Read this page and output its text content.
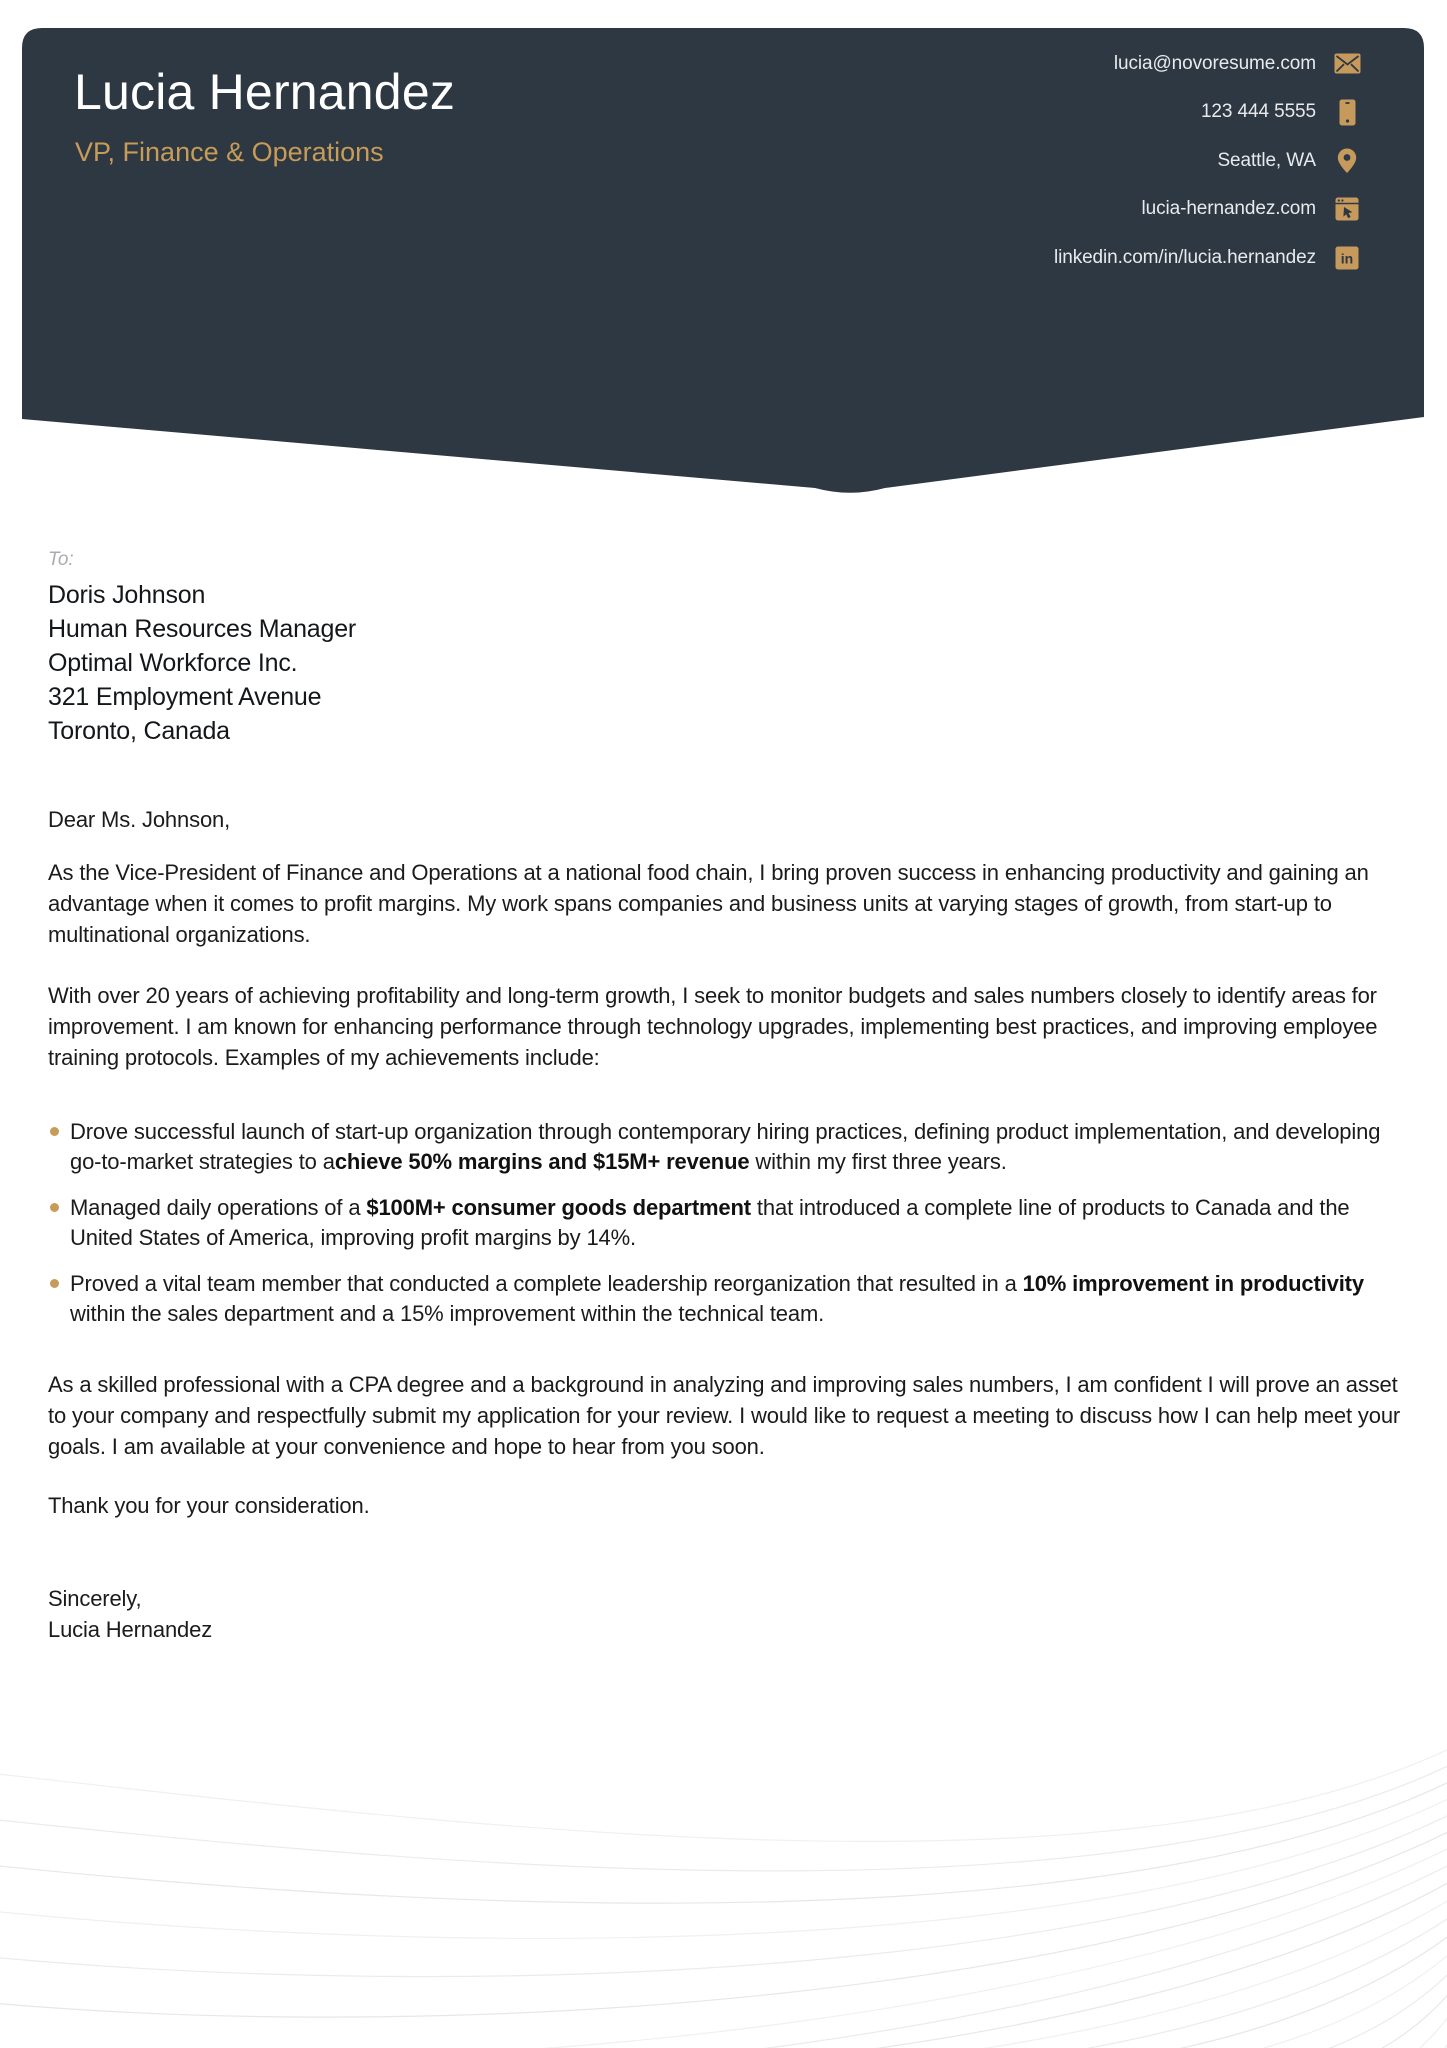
Lucia Hernandez
VP, Finance & Operations
lucia@novoresume.com
123 444 5555
Seattle, WA
lucia-hernandez.com
linkedin.com/in/lucia.hernandez in
To:
Doris Johnson
Human Resources Manager
Optimal Workforce Inc.
321 Employment Avenue
Toronto, Canada
Dear Ms. Johnson,

As the Vice-President of Finance and Operations at a national food chain, I bring proven success in enhancing productivity and gaining an advantage when it comes to profit margins. My work spans companies and business units at varying stages of growth, from start-up to multinational organizations.

With over 20 years of achieving profitability and long-term growth, I seek to monitor budgets and sales numbers closely to identify areas for improvement. I am known for enhancing performance through technology upgrades, implementing best practices, and improving employee training protocols. Examples of my achievements include:

Drove successful launch of start-up organization through contemporary hiring practices, defining product implementation, and developing go-to-market strategies to achieve 50% margins and $15M+ revenue within my first three years.
Managed daily operations of a $100M+ consumer goods department that introduced a complete line of products to Canada and the United States of America, improving profit margins by 14%.
Proved a vital team member that conducted a complete leadership reorganization that resulted in a 10% improvement in productivity within the sales department and a 15% improvement within the technical team.

As a skilled professional with a CPA degree and a background in analyzing and improving sales numbers, I am confident I will prove an asset to your company and respectfully submit my application for your review. I would like to request a meeting to discuss how I can help meet your goals. I am available at your convenience and hope to hear from you soon.

Thank you for your consideration.

Sincerely,
Lucia Hernandez
